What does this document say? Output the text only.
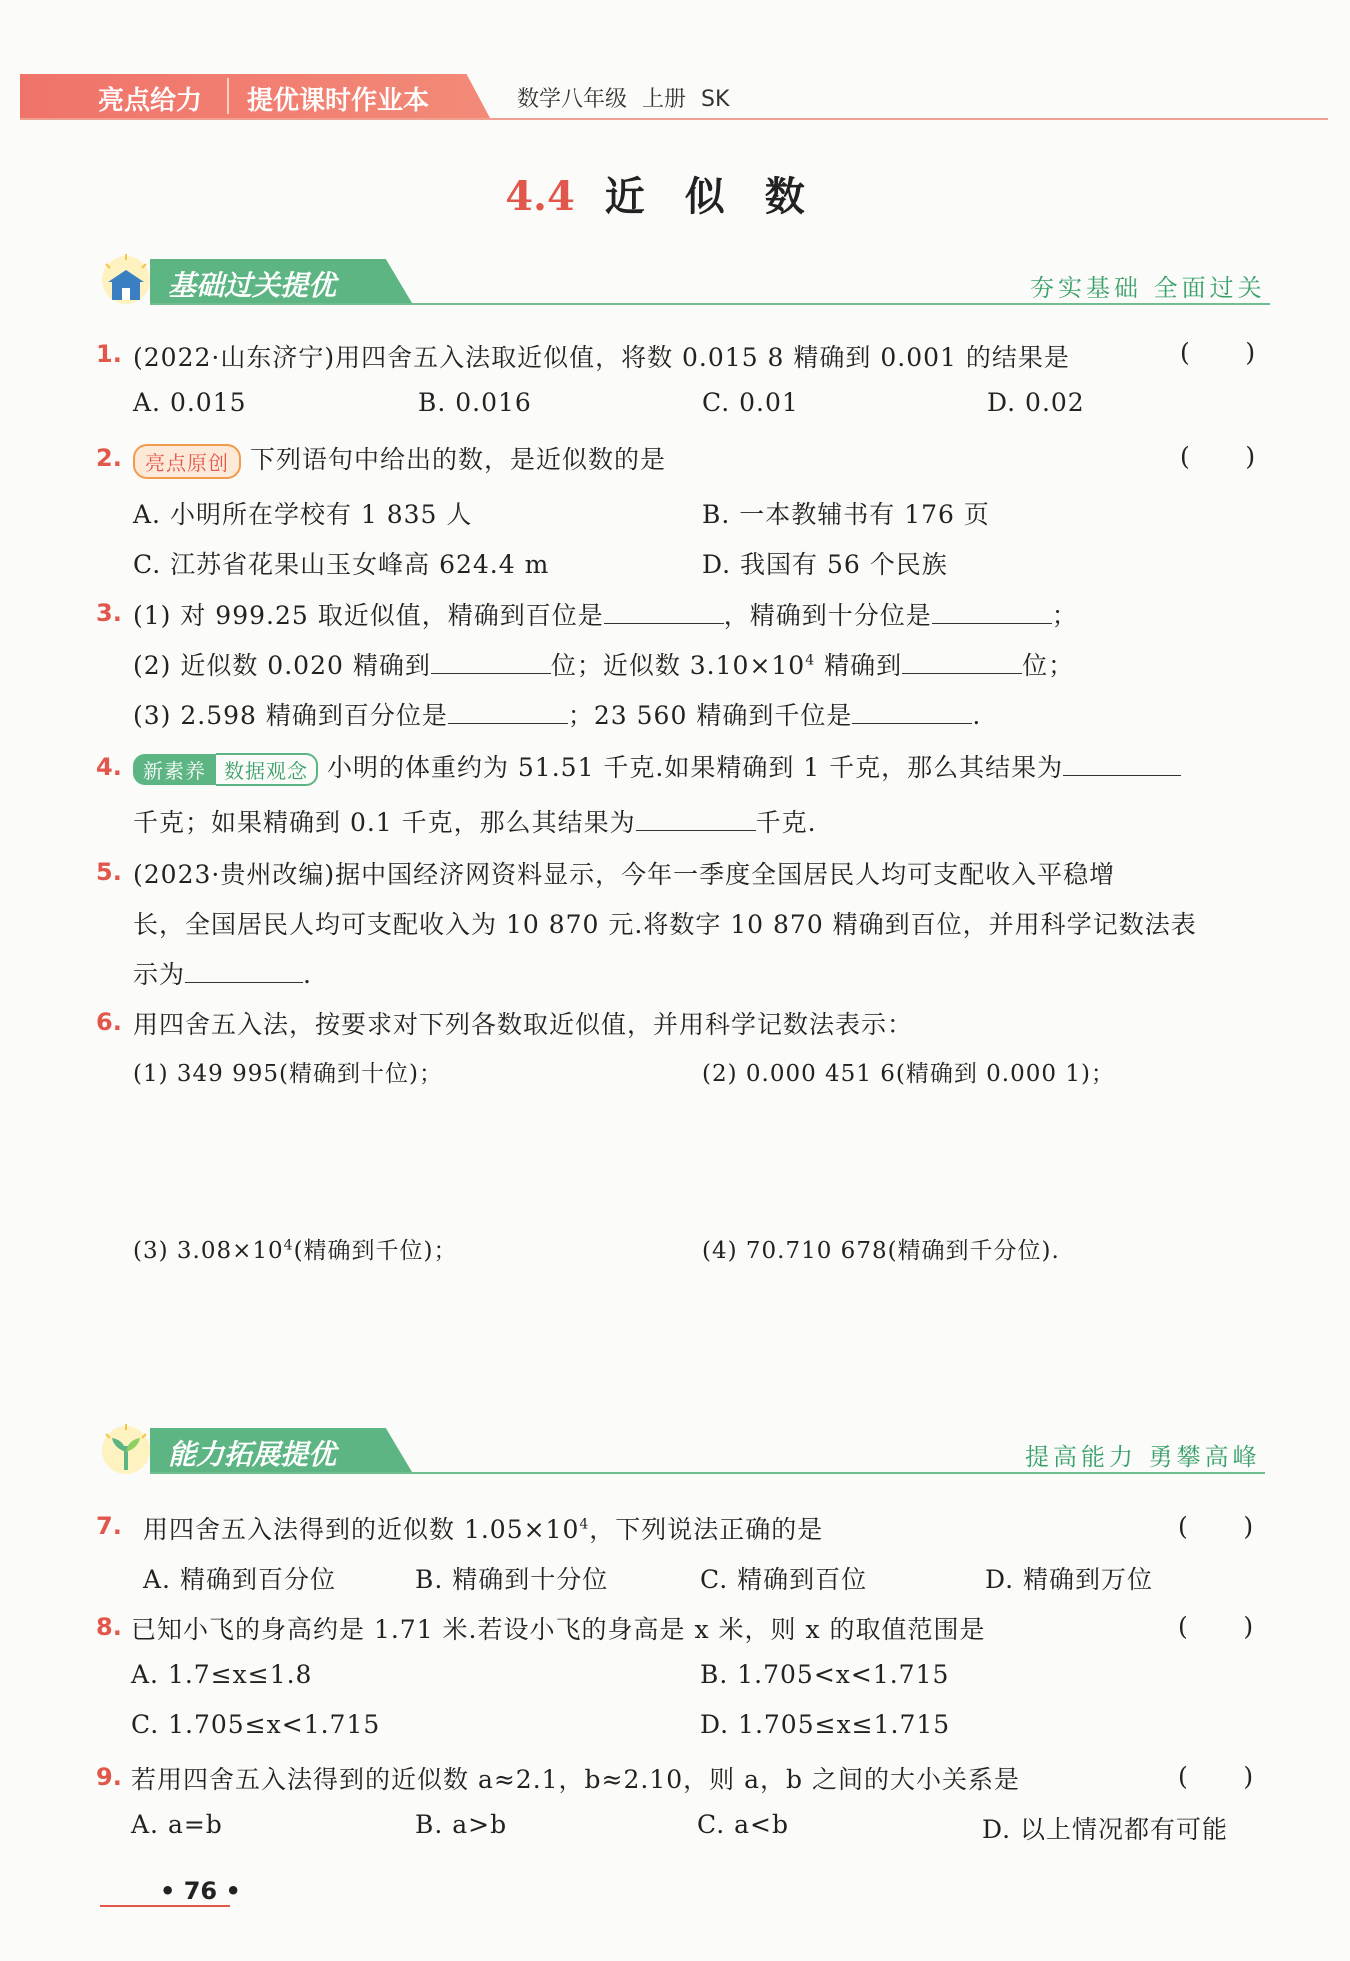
亮点给力 提优课时作业本	数学八年级 上册 SK
4.4 近似数
基础过关提优	夯实基础 全面过关
1. (2022·山东济宁)用四舍五入法取近似值，将数 0.015 8 精确到 0.001 的结果是	(       )
A. 0.015	B. 0.016	C. 0.01	D. 0.02
2.	亮点原创 下列语句中给出的数，是近似数的是	(       )
A. 小明所在学校有 1 835 人	B. 一本教辅书有 176 页
C. 江苏省花果山玉女峰高 624.4 m	D. 我国有 56 个民族
3. (1) 对 999.25 取近似值，精确到百位是	，精确到十分位是	；
(2) 近似数 0.020 精确到	位；近似数 $3.10\times 10^4$ 精确到	位；
(3) 2.598 精确到百分位是	；23 560 精确到千位是	.
4.	新素养 数据观念 小明的体重约为 51.51 千克.如果精确到 1 千克，那么其结果为
千克；如果精确到 0.1 千克，那么其结果为	千克.
5. (2023·贵州改编)据中国经济网资料显示，今年一季度全国居民人均可支配收入平稳增
长，全国居民人均可支配收入为 10 870 元.将数字 10 870 精确到百位，并用科学记数法表
示为	.
6. 用四舍五入法，按要求对下列各数取近似值，并用科学记数法表示：
(1) 349 995(精确到十位)；	(2) 0.000 451 6(精确到 0.000 1)；
(3) $3.08\times 10^4$(精确到千位)；	(4) 70.710 678(精确到千分位).
能力拓展提优	提高能力 勇攀高峰
7. 用四舍五入法得到的近似数 $1.05\times 10^4$，下列说法正确的是	(       )
A. 精确到百分位	B. 精确到十分位	C. 精确到百位	D. 精确到万位
8. 已知小飞的身高约是 1.71 米.若设小飞的身高是 x 米，则 x 的取值范围是	(       )
A. 1.7≤x≤1.8	B. 1.705<x<1.715
C. 1.705≤x<1.715	D. 1.705≤x≤1.715
9. 若用四舍五入法得到的近似数 a≈2.1，b≈2.10，则 a，b 之间的大小关系是	(       )
A. a=b	B. a>b	C. a<b	D. 以上情况都有可能
• 76 •
